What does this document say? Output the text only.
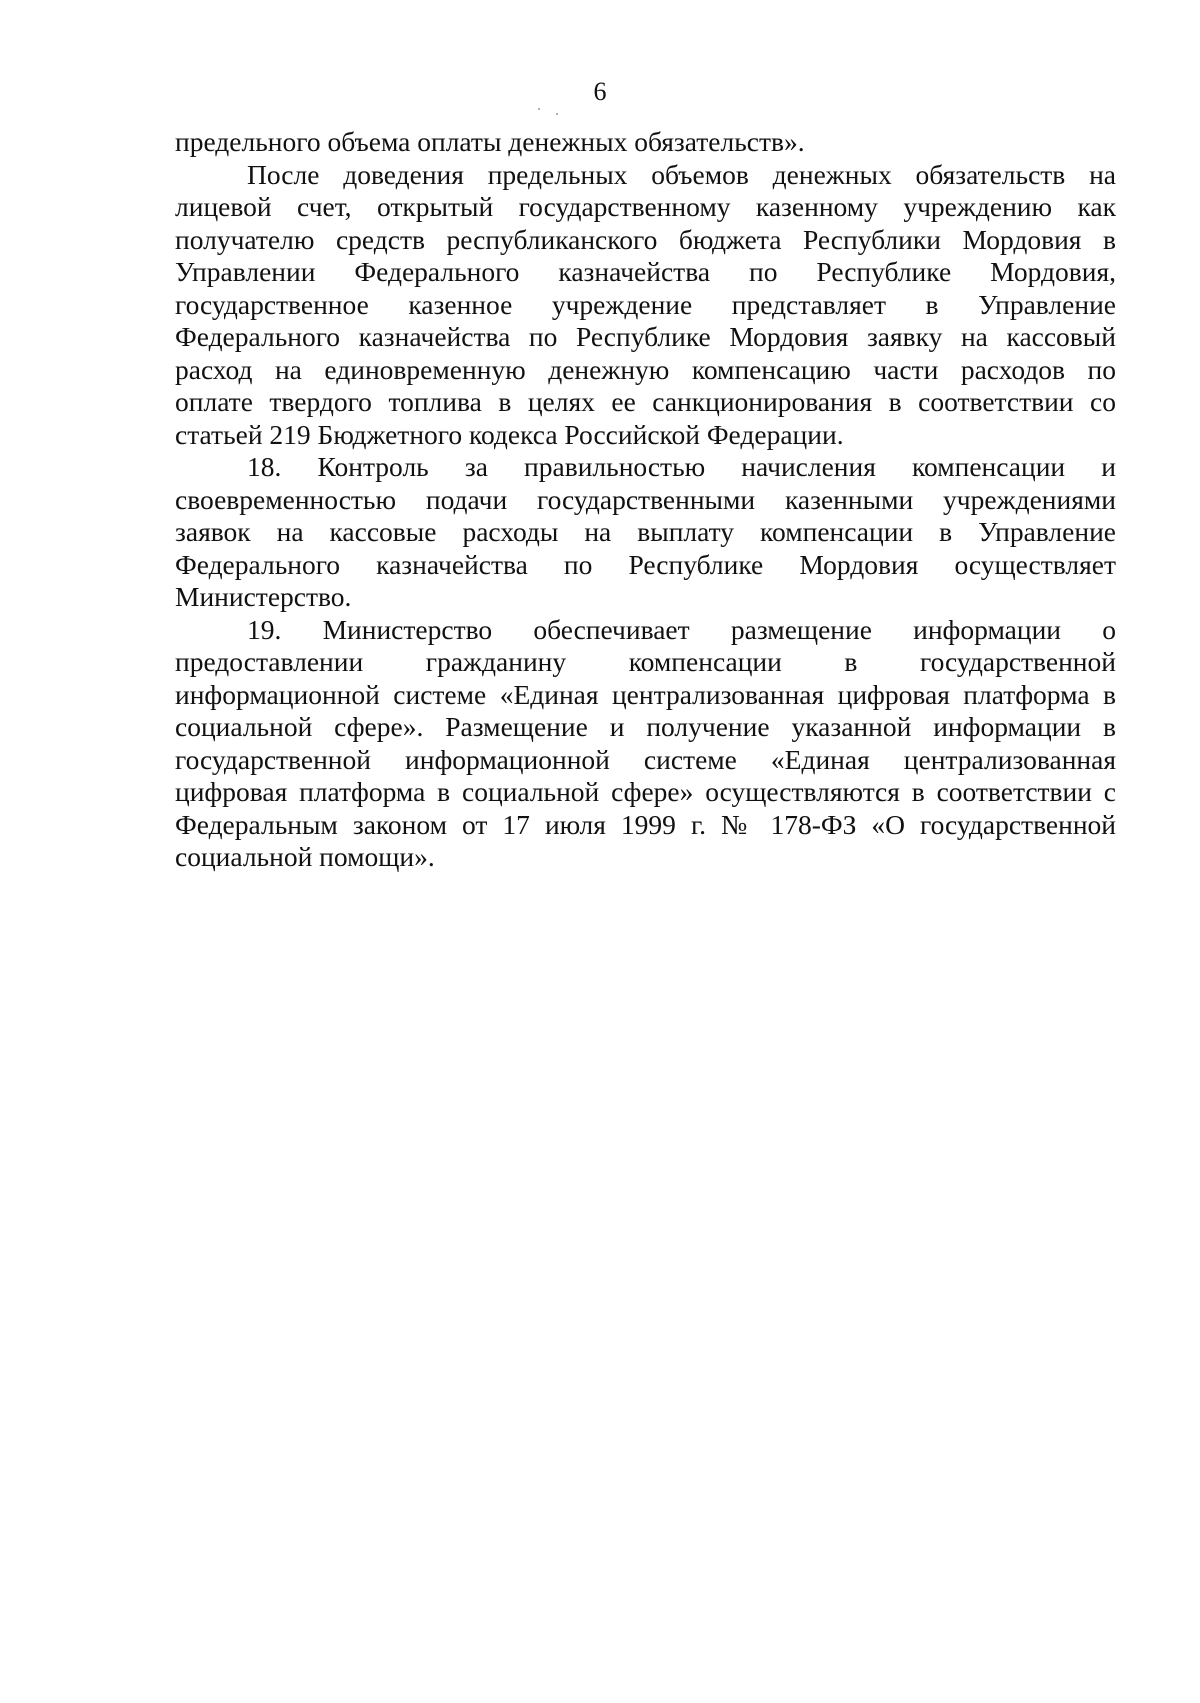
6
предельного объема оплаты денежных обязательств».
После доведения предельных объемов денежных обязательств на
лицевой счет, открытый государственному казенному учреждению как
получателю средств республиканского бюджета Республики Мордовия в
Управлении Федерального казначейства по Республике Мордовия,
государственное казенное учреждение представляет в Управление
Федерального казначейства по Республике Мордовия заявку на кассовый
расход на единовременную денежную компенсацию части расходов по
оплате твердого топлива в целях ее санкционирования в соответствии со
статьей 219 Бюджетного кодекса Российской Федерации.
18. Контроль за правильностью начисления компенсации и
своевременностью подачи государственными казенными учреждениями
заявок на кассовые расходы на выплату компенсации в Управление
Федерального казначейства по Республике Мордовия осуществляет
Министерство.
19. Министерство обеспечивает размещение информации о
предоставлении гражданину компенсации в государственной
информационной системе «Единая централизованная цифровая платформа в
социальной сфере». Размещение и получение указанной информации в
государственной информационной системе «Единая централизованная
цифровая платформа в социальной сфере» осуществляются в соответствии с
Федеральным законом от 17 июля 1999 г. № 178-ФЗ «О государственной
социальной помощи».
